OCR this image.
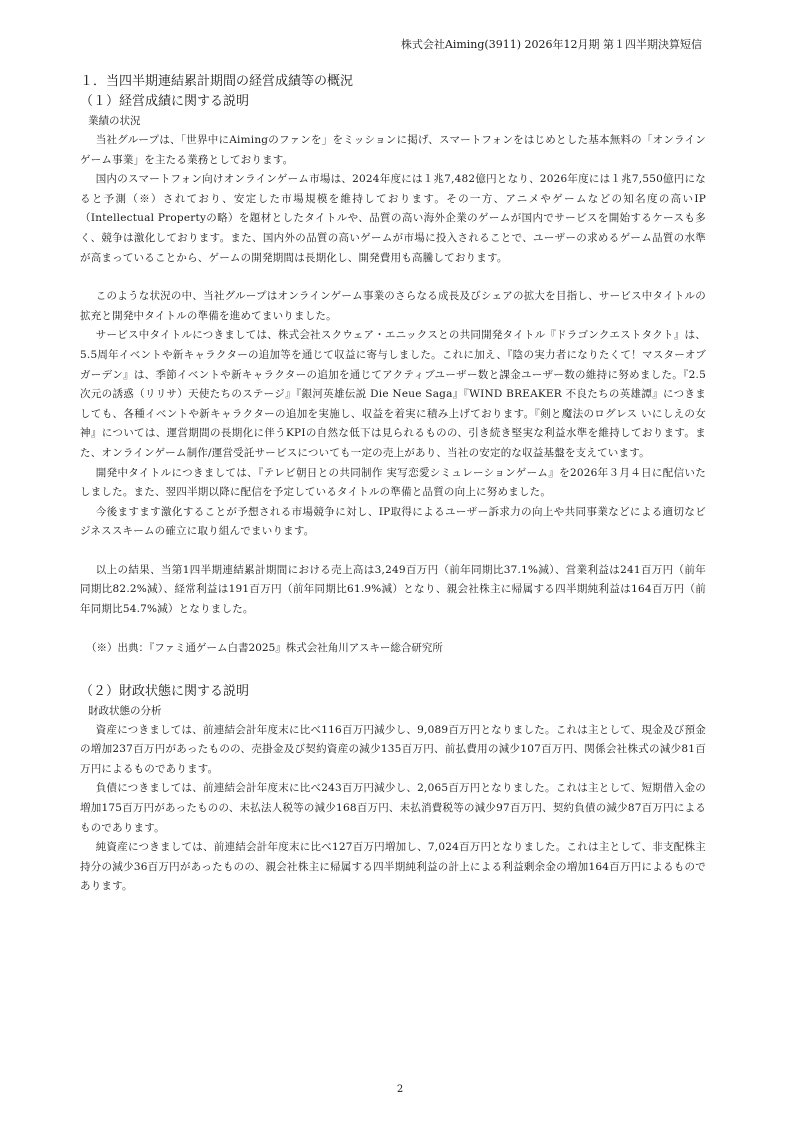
株式会社Aiming(3911) 2026年12月期 第１四半期決算短信

１．当四半期連結累計期間の経営成績等の概況

（１）経営成績に関する説明

業績の状況

当社グループは、「世界中にAimingのファンを」をミッションに掲げ、スマートフォンをはじめとした基本無料の「オンラインゲーム事業」を主たる業務としております。

国内のスマートフォン向けオンラインゲーム市場は、2024年度には１兆7,482億円となり、2026年度には１兆7,550億円になると予測（※）されており、安定した市場規模を維持しております。その一方、アニメやゲームなどの知名度の高いIP（Intellectual Propertyの略）を題材としたタイトルや、品質の高い海外企業のゲームが国内でサービスを開始するケースも多く、競争は激化しております。また、国内外の品質の高いゲームが市場に投入されることで、ユーザーの求めるゲーム品質の水準が高まっていることから、ゲームの開発期間は長期化し、開発費用も高騰しております。

このような状況の中、当社グループはオンラインゲーム事業のさらなる成長及びシェアの拡大を目指し、サービス中タイトルの拡充と開発中タイトルの準備を進めてまいりました。

サービス中タイトルにつきましては、株式会社スクウェア・エニックスとの共同開発タイトル『ドラゴンクエストタクト』は、5.5周年イベントや新キャラクターの追加等を通じて収益に寄与しました。これに加え、『陰の実力者になりたくて！マスターオブガーデン』は、季節イベントや新キャラクターの追加を通じてアクティブユーザー数と課金ユーザー数の維持に努めました。『2.5次元の誘惑（リリサ）天使たちのステージ』『銀河英雄伝説 Die Neue Saga』『WIND BREAKER 不良たちの英雄譚』につきましても、各種イベントや新キャラクターの追加を実施し、収益を着実に積み上げております。『剣と魔法のログレス いにしえの女神』については、運営期間の長期化に伴うKPIの自然な低下は見られるものの、引き続き堅実な利益水準を維持しております。また、オンラインゲーム制作/運営受託サービスについても一定の売上があり、当社の安定的な収益基盤を支えています。

開発中タイトルにつきましては、『テレビ朝日との共同制作 実写恋愛シミュレーションゲーム』を2026年３月４日に配信いたしました。また、翌四半期以降に配信を予定しているタイトルの準備と品質の向上に努めました。

今後ますます激化することが予想される市場競争に対し、IP取得によるユーザー訴求力の向上や共同事業などによる適切なビジネススキームの確立に取り組んでまいります。

以上の結果、当第1四半期連結累計期間における売上高は3,249百万円（前年同期比37.1%減）、営業利益は241百万円（前年同期比82.2%減）、経常利益は191百万円（前年同期比61.9%減）となり、親会社株主に帰属する四半期純利益は164百万円（前年同期比54.7%減）となりました。

（※）出典：『ファミ通ゲーム白書2025』株式会社角川アスキー総合研究所

（２）財政状態に関する説明

財政状態の分析

資産につきましては、前連結会計年度末に比べ116百万円減少し、9,089百万円となりました。これは主として、現金及び預金の増加237百万円があったものの、売掛金及び契約資産の減少135百万円、前払費用の減少107百万円、関係会社株式の減少81百万円によるものであります。

負債につきましては、前連結会計年度末に比べ243百万円減少し、2,065百万円となりました。これは主として、短期借入金の増加175百万円があったものの、未払法人税等の減少168百万円、未払消費税等の減少97百万円、契約負債の減少87百万円によるものであります。

純資産につきましては、前連結会計年度末に比べ127百万円増加し、7,024百万円となりました。これは主として、非支配株主持分の減少36百万円があったものの、親会社株主に帰属する四半期純利益の計上による利益剰余金の増加164百万円によるものであります。

2
